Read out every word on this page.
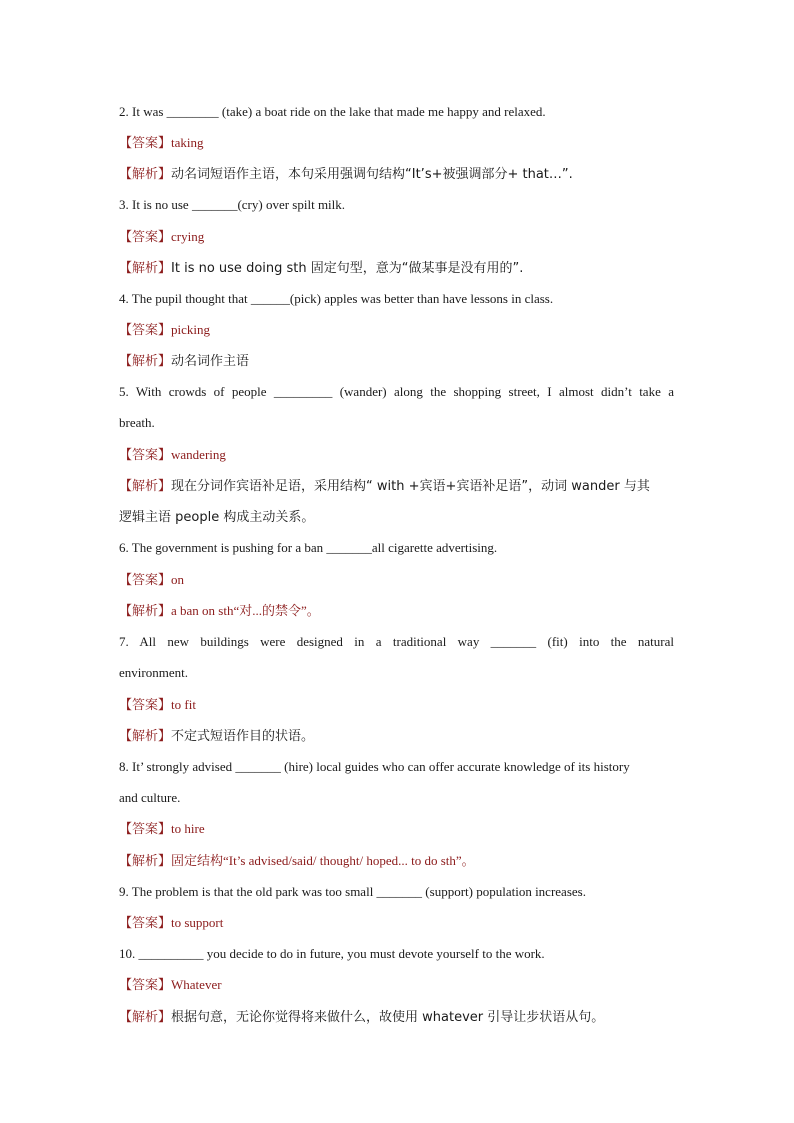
2. It was ________ (take) a boat ride on the lake that made me happy and relaxed.
【答案】taking
【解析】动名词短语作主语，本句采用强调句结构“It’s+被强调部分+ that…”.
3. It is no use _______(cry) over spilt milk.
【答案】crying
【解析】It is no use doing sth 固定句型，意为“做某事是没有用的”.
4. The pupil thought that ______(pick) apples was better than have lessons in class.
【答案】picking
【解析】动名词作主语
5. With crowds of people _________ (wander) along the shopping street, I almost didn’t take a
breath.
【答案】wandering
【解析】现在分词作宾语补足语，采用结构“ with +宾语+宾语补足语”，动词 wander 与其
逻辑主语 people 构成主动关系。
6. The government is pushing for a ban _______all cigarette advertising.
【答案】on
【解析】a ban on sth“对...的禁令”。
7. All new buildings were designed in a traditional way _______ (fit) into the natural
environment.
【答案】to fit
【解析】不定式短语作目的状语。
8. It’ strongly advised _______ (hire) local guides who can offer accurate knowledge of its history
and culture.
【答案】to hire
【解析】固定结构“It’s advised/said/ thought/ hoped... to do sth”。
9. The problem is that the old park was too small _______ (support) population increases.
【答案】to support
10. __________ you decide to do in future, you must devote yourself to the work.
【答案】Whatever
【解析】根据句意，无论你觉得将来做什么，故使用 whatever 引导让步状语从句。
